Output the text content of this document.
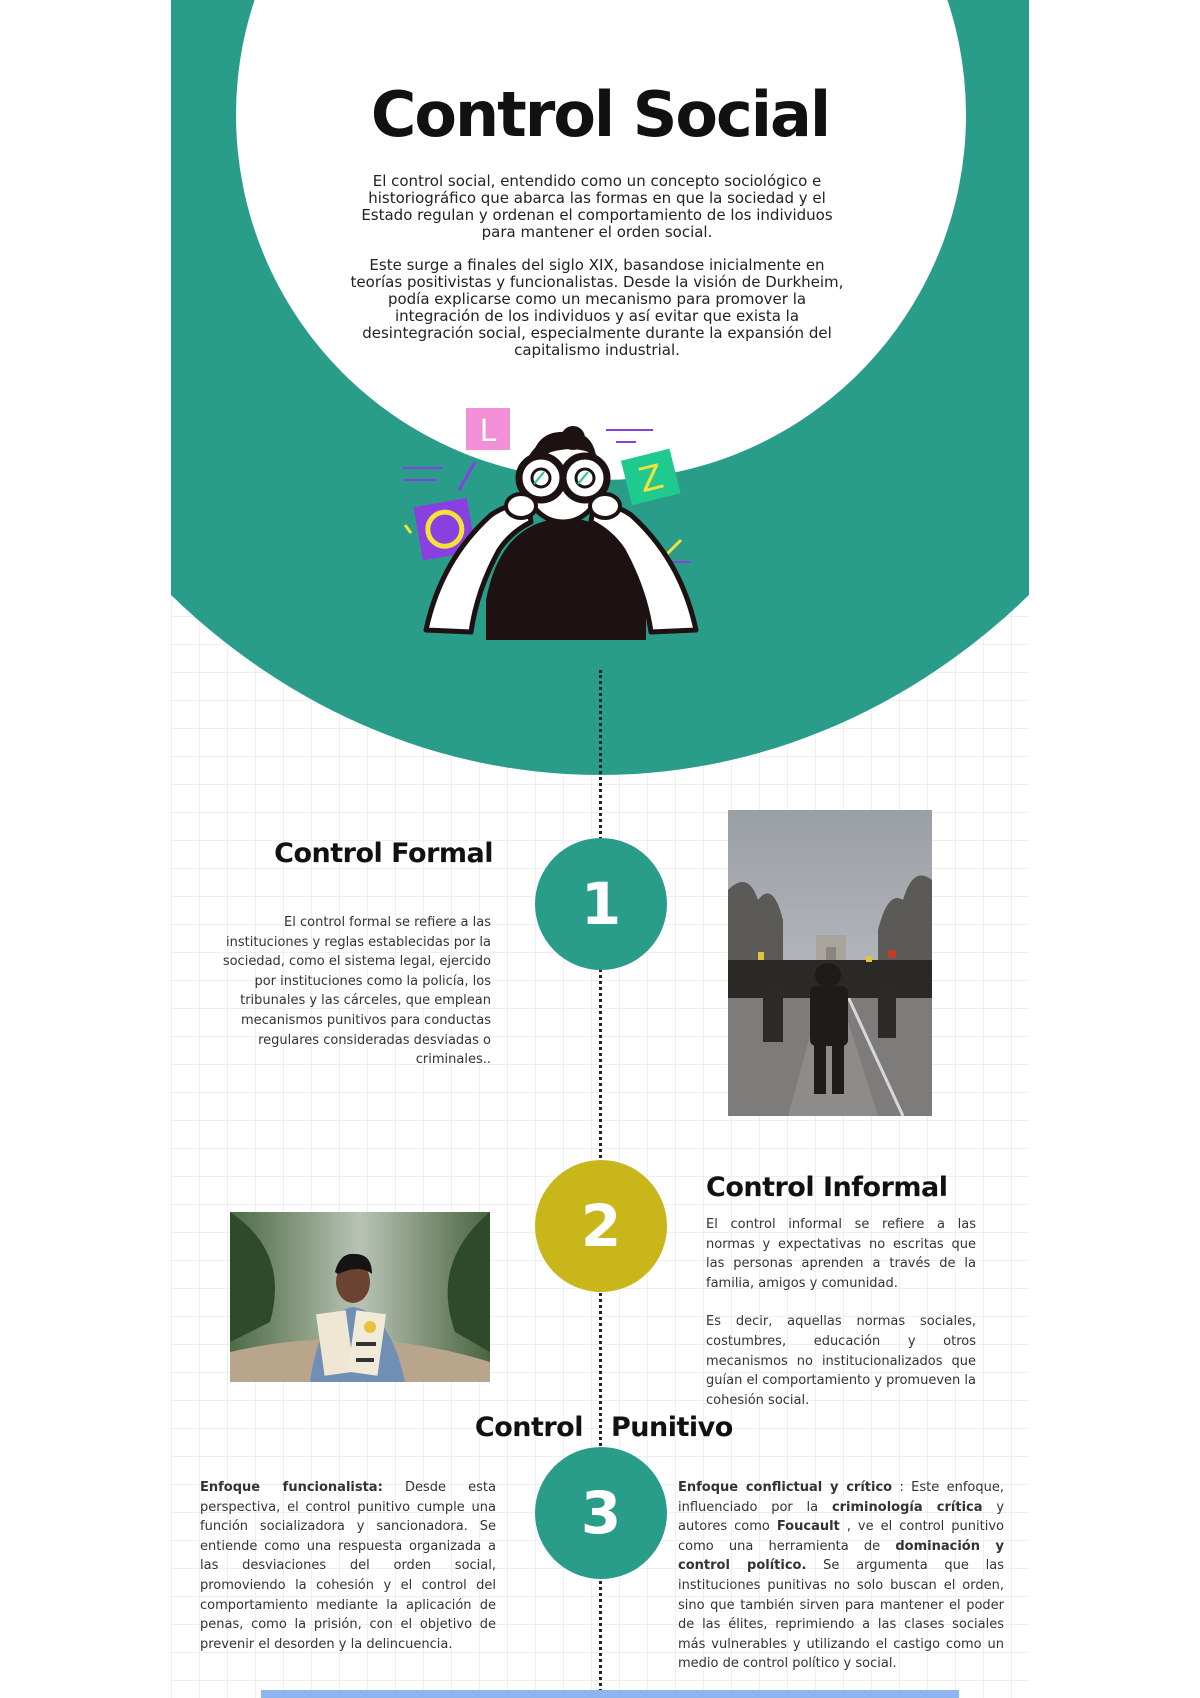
Control Social

El control social, entendido como un concepto sociológico e historiográfico que abarca las formas en que la sociedad y el Estado regulan y ordenan el comportamiento de los individuos para mantener el orden social.

Este surge a finales del siglo XIX, basandose inicialmente en teorías positivistas y funcionalistas. Desde la visión de Durkheim, podía explicarse como un mecanismo para promover la integración de los individuos y así evitar que exista la desintegración social, especialmente durante la expansión del capitalismo industrial.

L
Z
Control Formal
1

El control formal se refiere a las instituciones y reglas establecidas por la sociedad, como el sistema legal, ejercido por instituciones como la policía, los tribunales y las cárceles, que emplean mecanismos punitivos para conductas regulares consideradas desviadas o criminales..

2
Control Informal

El control informal se refiere a las normas y expectativas no escritas que las personas aprenden a través de la familia, amigos y comunidad.

Es decir, aquellas normas sociales, costumbres, educación y otros mecanismos no institucionalizados que guían el comportamiento y promueven la cohesión social.

Control Punitivo
3

Enfoque funcionalista: Desde esta perspectiva, el control punitivo cumple una función socializadora y sancionadora. Se entiende como una respuesta organizada a las desviaciones del orden social, promoviendo la cohesión y el control del comportamiento mediante la aplicación de penas, como la prisión, con el objetivo de prevenir el desorden y la delincuencia.

Enfoque conflictual y crítico : Este enfoque, influenciado por la criminología crítica y autores como Foucault , ve el control punitivo como una herramienta de dominación y control político. Se argumenta que las instituciones punitivas no solo buscan el orden, sino que también sirven para mantener el poder de las élites, reprimiendo a las clases sociales más vulnerables y utilizando el castigo como un medio de control político y social.
